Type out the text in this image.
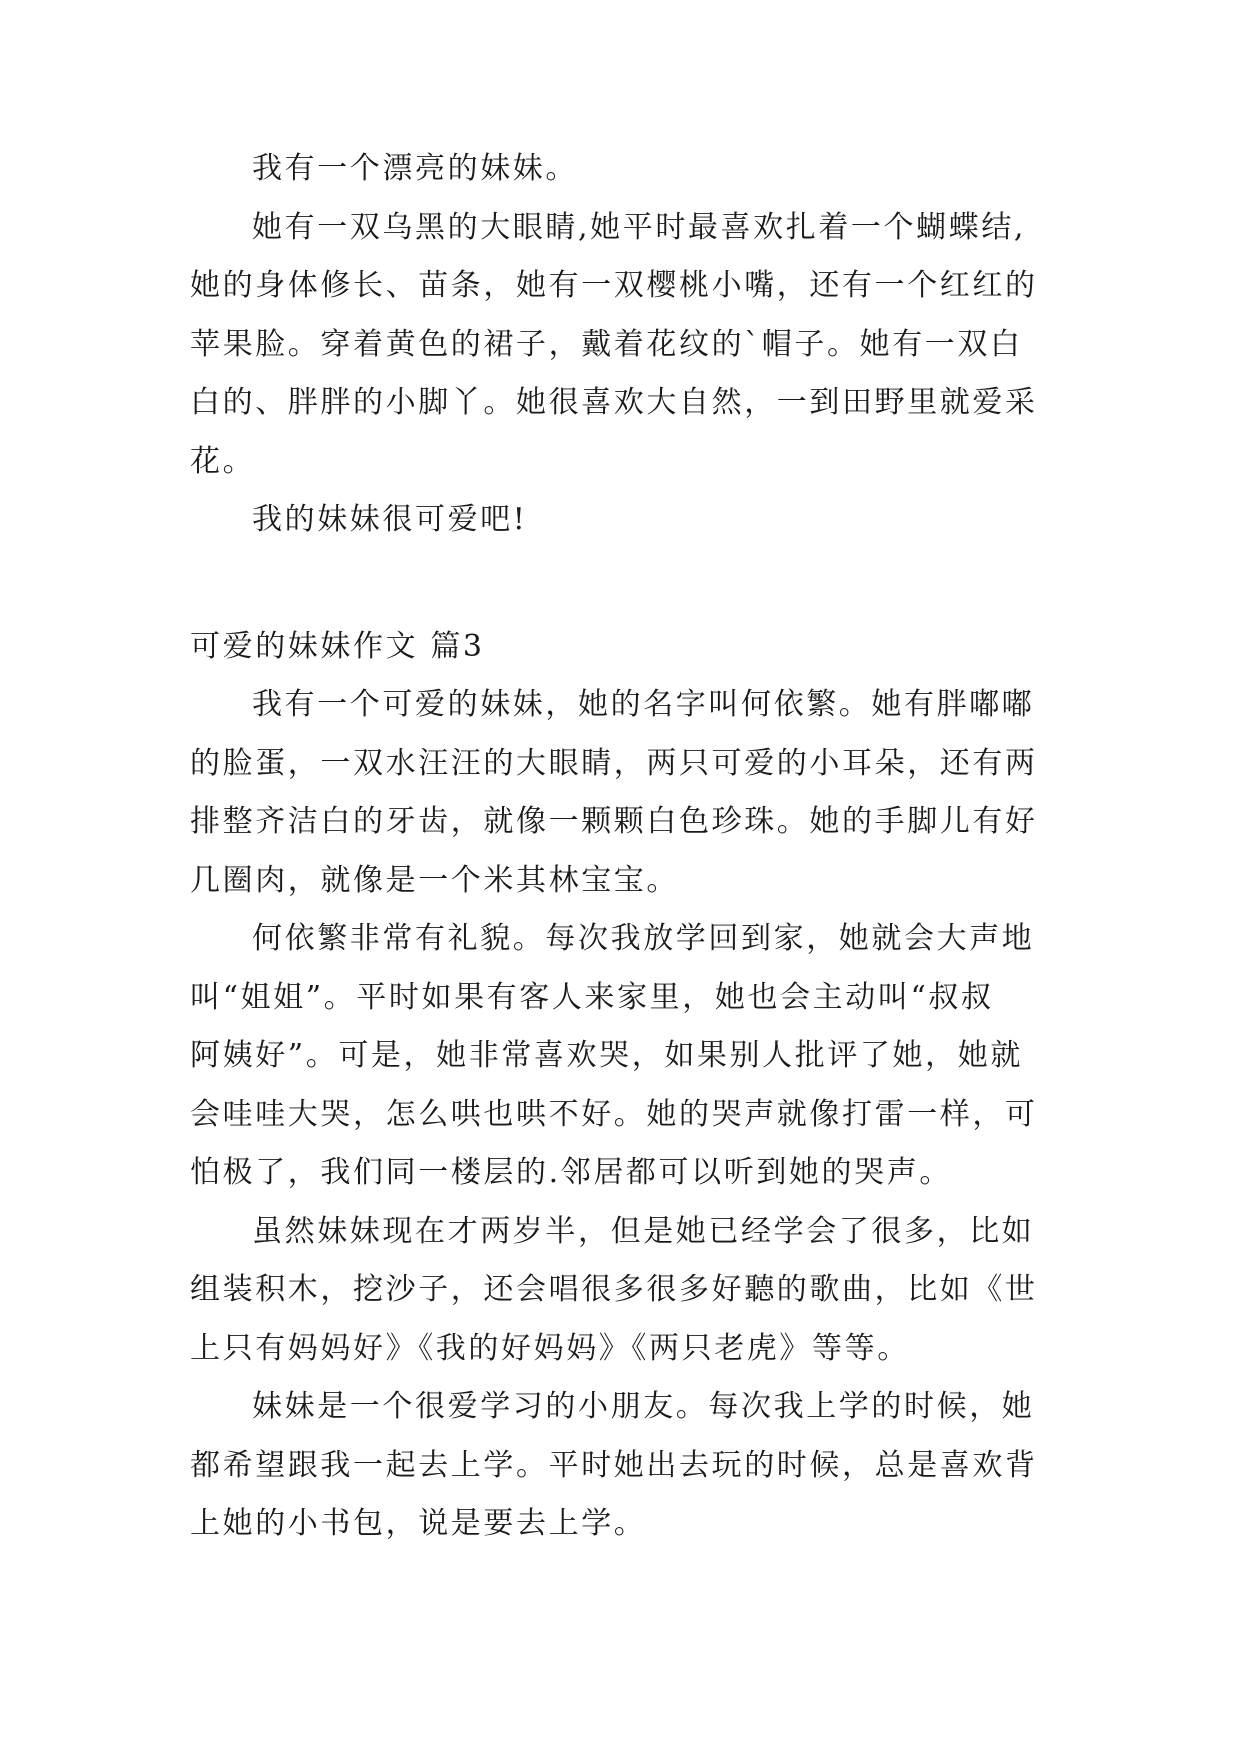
我有一个漂亮的妹妹。

她有一双乌黑的大眼睛,她平时最喜欢扎着一个蝴蝶结,
她的身体修长、苗条，她有一双樱桃小嘴，还有一个红红的
苹果脸。穿着黄色的裙子，戴着花纹的`帽子。她有一双白
白的、胖胖的小脚丫。她很喜欢大自然，一到田野里就爱采
花。

我的妹妹很可爱吧!

可爱的妹妹作文 篇3

我有一个可爱的妹妹，她的名字叫何依繁。她有胖嘟嘟
的脸蛋，一双水汪汪的大眼睛，两只可爱的小耳朵，还有两
排整齐洁白的牙齿，就像一颗颗白色珍珠。她的手脚儿有好
几圈肉，就像是一个米其林宝宝。

何依繁非常有礼貌。每次我放学回到家，她就会大声地
叫“姐姐”。平时如果有客人来家里，她也会主动叫“叔叔
阿姨好”。可是，她非常喜欢哭，如果别人批评了她，她就
会哇哇大哭，怎么哄也哄不好。她的哭声就像打雷一样，可
怕极了，我们同一楼层的.邻居都可以听到她的哭声。

虽然妹妹现在才两岁半，但是她已经学会了很多，比如
组装积木，挖沙子，还会唱很多很多好聽的歌曲，比如《世
上只有妈妈好》《我的好妈妈》《两只老虎》等等。

妹妹是一个很爱学习的小朋友。每次我上学的时候，她
都希望跟我一起去上学。平时她出去玩的时候，总是喜欢背
上她的小书包，说是要去上学。
